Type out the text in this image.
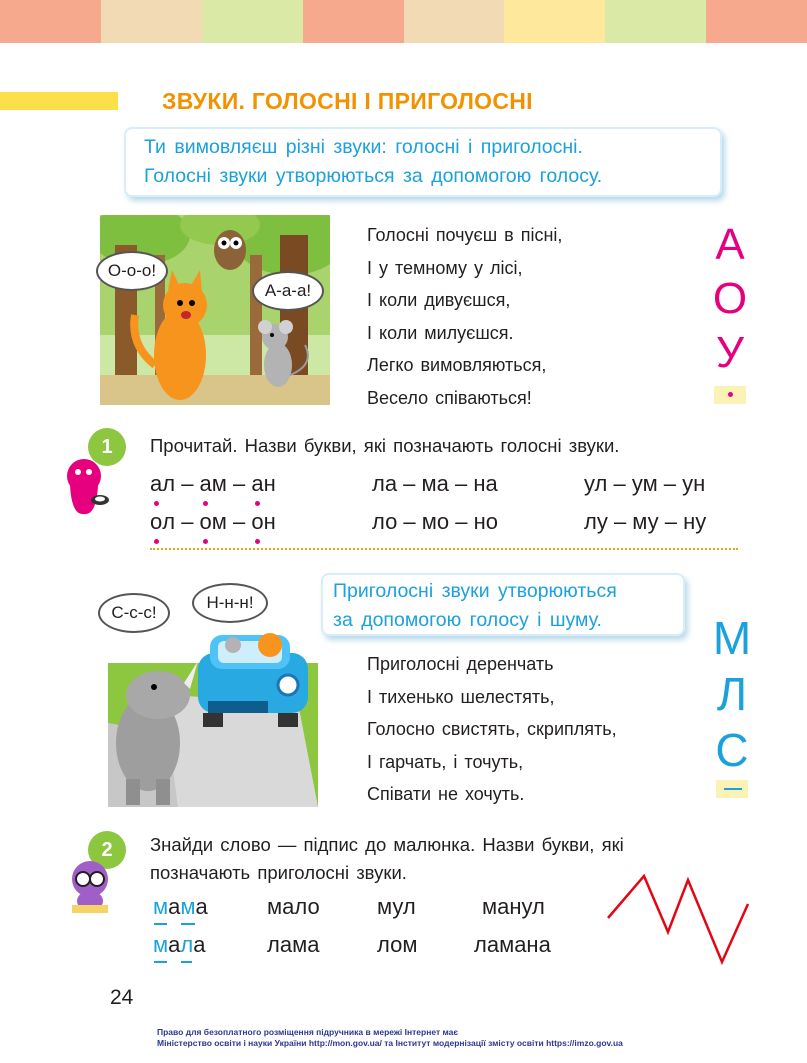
ЗВУКИ. ГОЛОСНІ І ПРИГОЛОСНІ
Ти вимовляєш різні звуки: голосні і приголосні.
Голосні звуки утворюються за допомогою голосу.
О-о-о!
А-а-а!
Голосні почуєш в пісні,
І у темному у лісі,
І коли дивуєшся,
І коли милуєшся.
Легко вимовляються,
Весело співаються!
А
О
У
1 Прочитай. Назви букви, які позначають голосні звуки.
ал – ам – ан	ла – ма – на	ул – ум – ун
ол – ом – он	ло – мо – но	лу – му – ну
С-с-с!
Н-н-н!
Приголосні звуки утворюються
за допомогою голосу і шуму.
Приголосні деренчать
І тихенько шелестять,
Голосно свистять, скриплять,
І гарчать, і точуть,
Співати не хочуть.
М
Л
С
2 Знайди слово — підпис до малюнка. Назви букви, які
позначають приголосні звуки.
мама	мало	мул	манул
мала	лама	лом	ламана
24
Право для безоплатного розміщення підручника в мережі Інтернет має
Міністерство освіти і науки України http://mon.gov.ua/ та Інститут модернізації змісту освіти https://imzo.gov.ua
